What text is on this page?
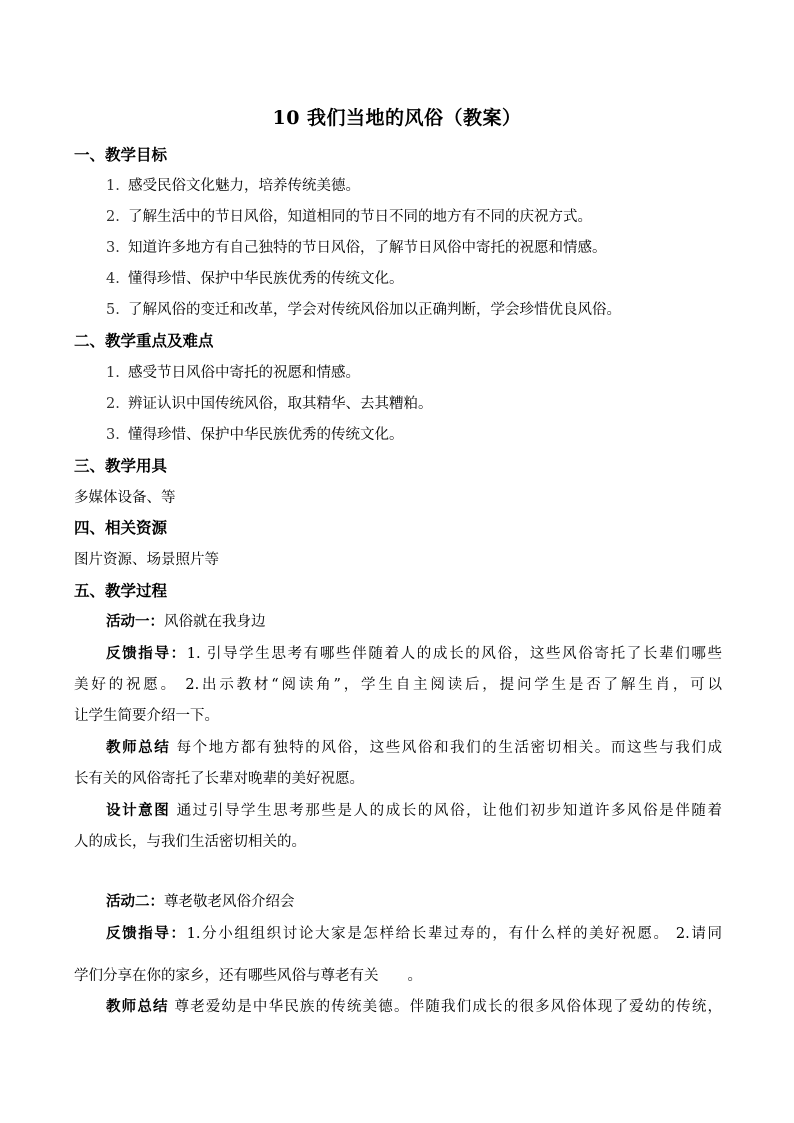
10 我们当地的风俗（教案）
一、教学目标
1. 感受民俗文化魅力，培养传统美德。
2. 了解生活中的节日风俗，知道相同的节日不同的地方有不同的庆祝方式。
3. 知道许多地方有自己独特的节日风俗，了解节日风俗中寄托的祝愿和情感。
4. 懂得珍惜、保护中华民族优秀的传统文化。
5. 了解风俗的变迁和改革，学会对传统风俗加以正确判断，学会珍惜优良风俗。
二、教学重点及难点
1. 感受节日风俗中寄托的祝愿和情感。
2. 辨证认识中国传统风俗，取其精华、去其糟粕。
3. 懂得珍惜、保护中华民族优秀的传统文化。
三、教学用具
多媒体设备、等
四、相关资源
图片资源、场景照片等
五、教学过程
活动一：风俗就在我身边
反馈指导：1. 引导学生思考有哪些伴随着人的成长的风俗，这些风俗寄托了长辈们哪些
美好的祝愿。 2.出示教材“阅读角”，学生自主阅读后，提问学生是否了解生肖，可以
让学生简要介绍一下。
教师总结 每个地方都有独特的风俗，这些风俗和我们的生活密切相关。而这些与我们成
长有关的风俗寄托了长辈对晚辈的美好祝愿。
设计意图 通过引导学生思考那些是人的成长的风俗，让他们初步知道许多风俗是伴随着
人的成长，与我们生活密切相关的。
活动二：尊老敬老风俗介绍会
反馈指导：1.分小组组织讨论大家是怎样给长辈过寿的，有什么样的美好祝愿。 2.请同
学们分享在你的家乡，还有哪些风俗与尊老有关　　。
教师总结 尊老爱幼是中华民族的传统美德。伴随我们成长的很多风俗体现了爱幼的传统，
